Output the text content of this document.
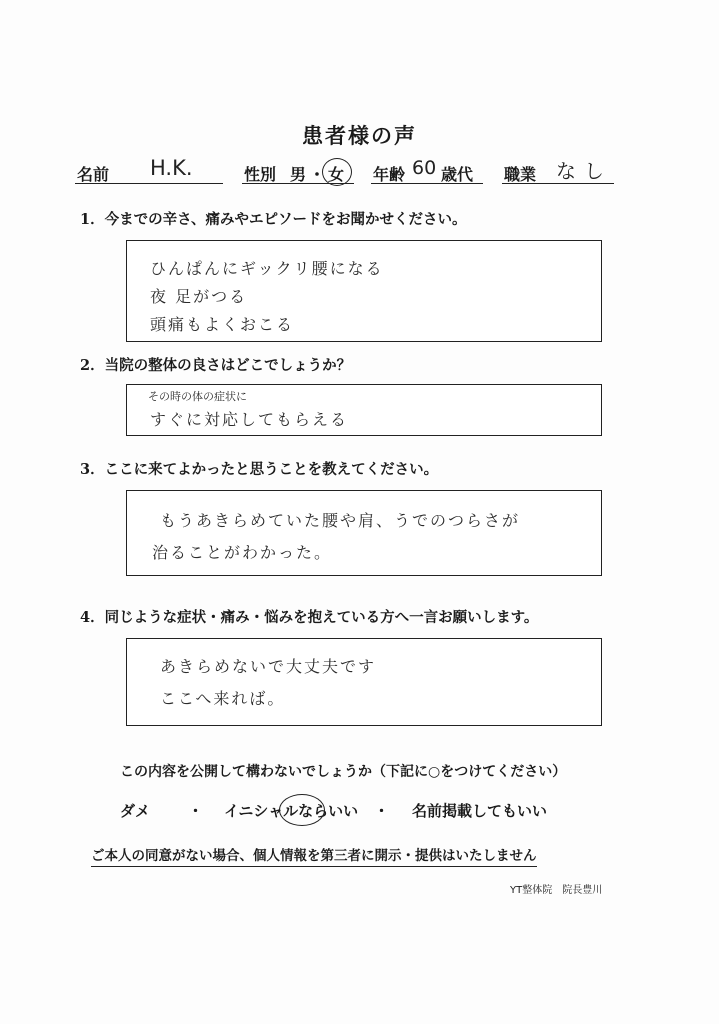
患者様の声
名前 H.K.	性別 男 ・ 女 年齢 60 歳代 職業 なし
1．今までの辛さ、痛みやエピソードをお聞かせください。
ひんぱんにギックリ腰になる
夜 足がつる
頭痛もよくおこる
2．当院の整体の良さはどこでしょうか？
その時の体の症状に
すぐに対応してもらえる
3．ここに来てよかったと思うことを教えてください。
もうあきらめていた腰や肩、うでのつらさが
治ることがわかった。
4．同じような症状・痛み・悩みを抱えている方へ一言お願いします。
あきらめないで大丈夫です
ここへ来れば。
この内容を公開して構わないでしょうか（下記に○をつけてください）
ダメ	・ イニシャルならいい ・ 名前掲載してもいい
ご本人の同意がない場合、個人情報を第三者に開示・提供はいたしません
YT整体院　院長豊川
